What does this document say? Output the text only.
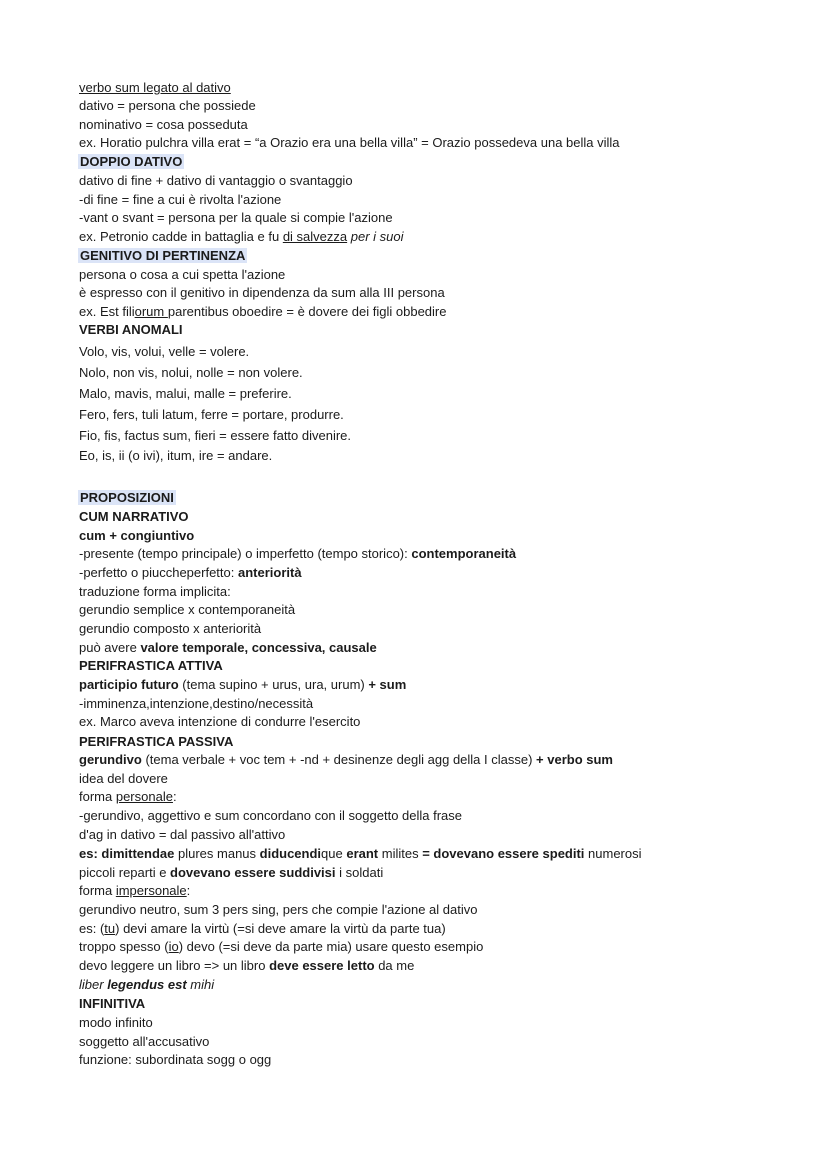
verbo sum legato al dativo
dativo = persona che possiede
nominativo = cosa posseduta
ex. Horatio pulchra villa erat = “a Orazio era una bella villa” = Orazio possedeva una bella villa
DOPPIO DATIVO
dativo di fine + dativo di vantaggio o svantaggio
-di fine = fine a cui è rivolta l'azione
-vant o svant = persona per la quale si compie l'azione
ex. Petronio cadde in battaglia e fu di salvezza per i suoi
GENITIVO DI PERTINENZA
persona o cosa a cui spetta l'azione
è espresso con il genitivo in dipendenza da sum alla III persona
ex. Est filiorum parentibus oboedire = è dovere dei figli obbedire
VERBI ANOMALI
Volo, vis, volui, velle = volere.
Nolo, non vis, nolui, nolle = non volere.
Malo, mavis, malui, malle = preferire.
Fero, fers, tuli latum, ferre = portare, produrre.
Fio, fis, factus sum, fieri = essere fatto divenire.
Eo, is, ii (o ivi), itum, ire = andare.
PROPOSIZIONI
CUM NARRATIVO
cum + congiuntivo
-presente (tempo principale) o imperfetto (tempo storico): contemporaneità
-perfetto o piuccheperfetto: anteriorità
traduzione forma implicita:
gerundio semplice x contemporaneità
gerundio composto x anteriorità
può avere valore temporale, concessiva, causale
PERIFRASTICA ATTIVA
participio futuro (tema supino + urus, ura, urum) + sum
-imminenza,intenzione,destino/necessità
ex. Marco aveva intenzione di condurre l'esercito
PERIFRASTICA PASSIVA
gerundivo (tema verbale + voc tem + -nd + desinenze degli agg della I classe) + verbo sum
idea del dovere
forma personale:
-gerundivo, aggettivo e sum concordano con il soggetto della frase
d'ag in dativo = dal passivo all'attivo
es: dimittendae plures manus diducendique erant milites = dovevano essere spediti numerosi
piccoli reparti e dovevano essere suddivisi i soldati
forma impersonale:
gerundivo neutro, sum 3 pers sing, pers che compie l'azione al dativo
es: (tu) devi amare la virtù (=si deve amare la virtù da parte tua)
troppo spesso (io) devo (=si deve da parte mia) usare questo esempio
devo leggere un libro => un libro deve essere letto da me
liber legendus est mihi
INFINITIVA
modo infinito
soggetto all'accusativo
funzione: subordinata sogg o ogg
